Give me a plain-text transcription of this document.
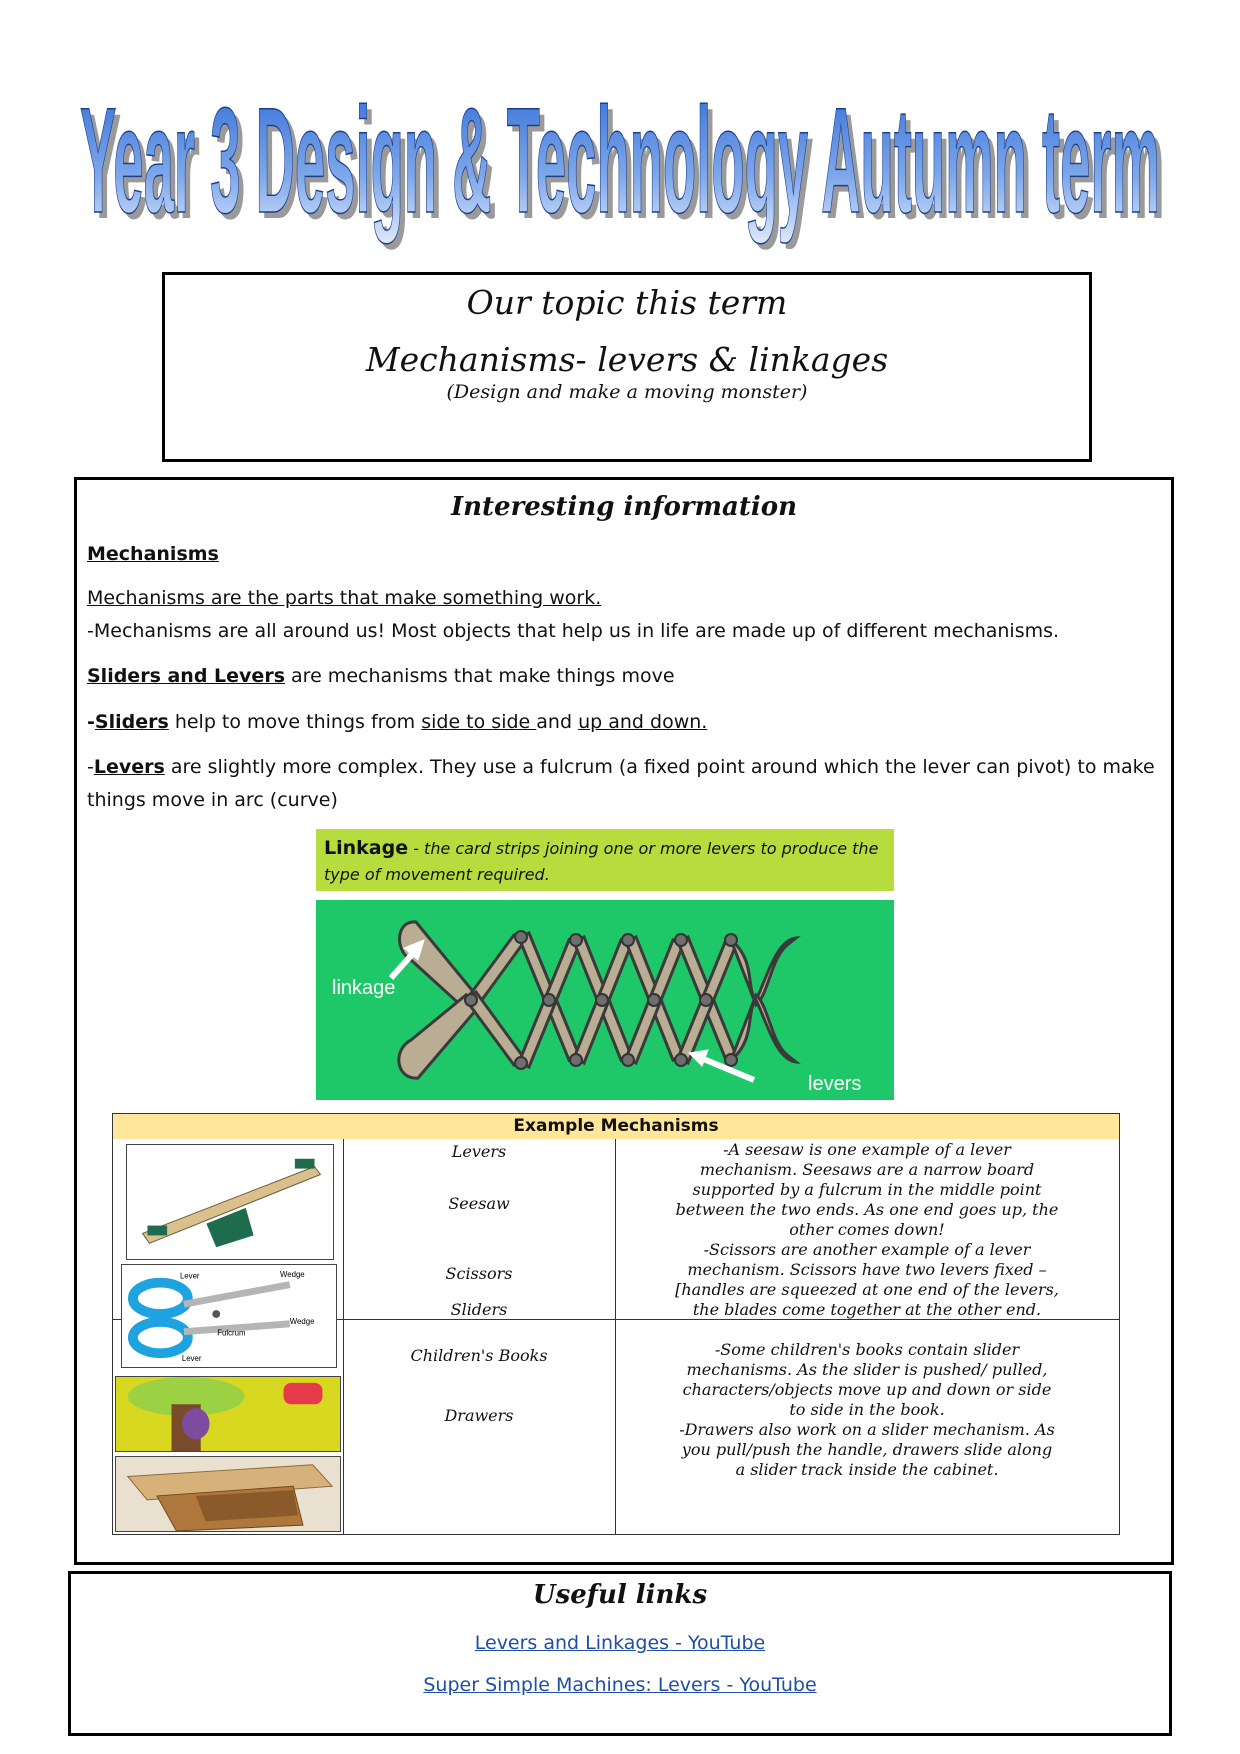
Year 3 Design & Technology Autumn term
Year 3 Design & Technology Autumn term
Our topic this term
Mechanisms- levers & linkages
(Design and make a moving monster)
Interesting information
Mechanisms
Mechanisms are the parts that make something work.
-Mechanisms are all around us! Most objects that help us in life are made up of different mechanisms.
Sliders and Levers are mechanisms that make things move
-Sliders help to move things from side to side and up and down.
-Levers are slightly more complex. They use a fulcrum (a fixed point around which the lever can pivot) to make things move in arc (curve)
Linkage - the card strips joining one or more levers to produce the type of movement required.
linkage
levers
Example Mechanisms
Lever	Wedge
Wedge
Fulcrum
Lever
Levers
Seesaw
Scissors
Sliders
Children's Books
Drawers
-A seesaw is one example of a lever
mechanism. Seesaws are a narrow board
supported by a fulcrum in the middle point
between the two ends. As one end goes up, the
other comes down!
-Scissors are another example of a lever
mechanism. Scissors have two levers fixed –
[handles are squeezed at one end of the levers,
the blades come together at the other end.
-Some children's books contain slider
mechanisms. As the slider is pushed/ pulled,
characters/objects move up and down or side
to side in the book.
-Drawers also work on a slider mechanism. As
you pull/push the handle, drawers slide along
a slider track inside the cabinet.
Useful links
Levers and Linkages - YouTube
Super Simple Machines: Levers - YouTube
